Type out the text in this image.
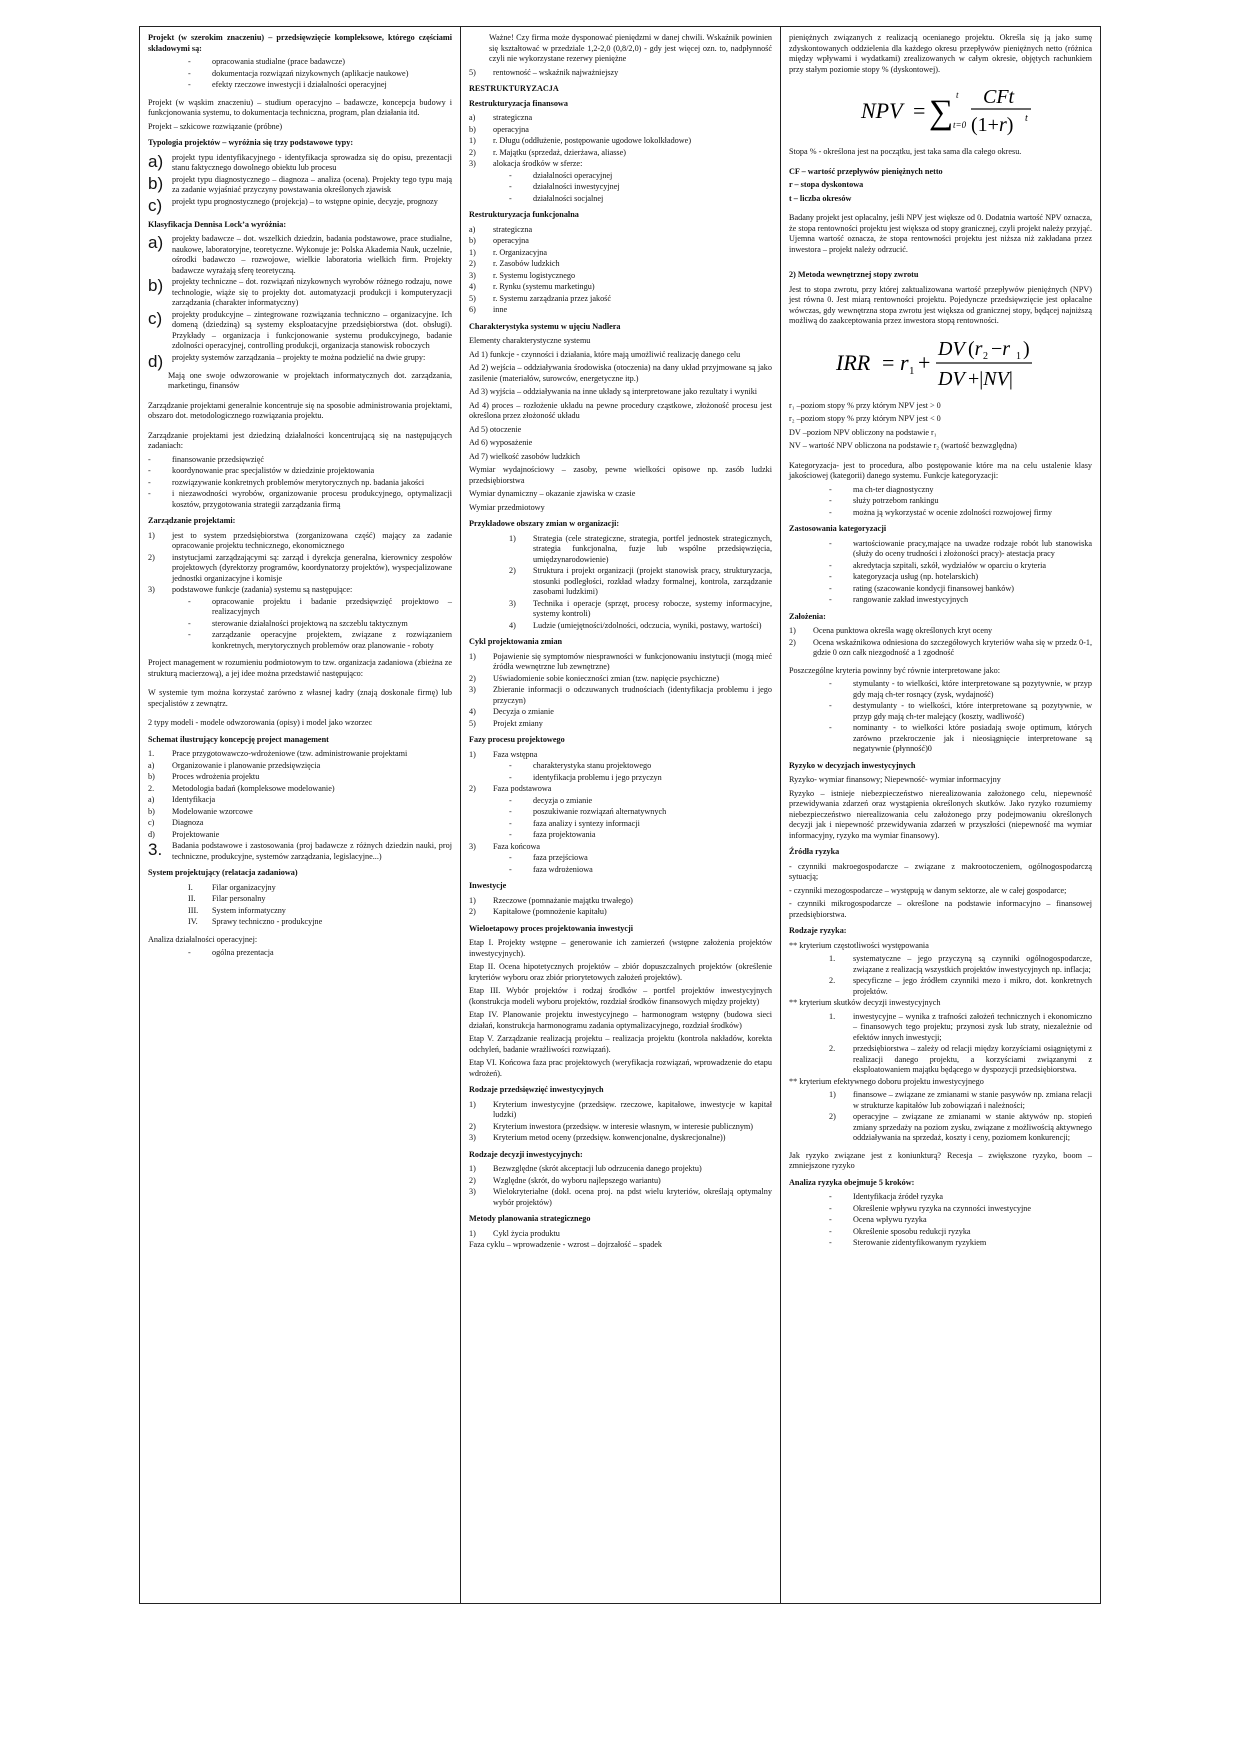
Projekt (w szerokim znaczeniu) – przedsięwzięcie kompleksowe, którego częściami składowymi są:

-	opracowania studialne (prace badawcze)
-	dokumentacja rozwiązań nizykownych (aplikacje naukowe)
-	efekty rzeczowe inwestycji i działalności operacyjnej

Projekt (w wąskim znaczeniu) – studium operacyjno – badawcze, koncepcja budowy i funkcjonowania systemu, to dokumentacja techniczna, program, plan działania itd.

Projekt – szkicowe rozwiązanie (próbne)

Typologia projektów – wyróżnia się trzy podstawowe typy:
a)	projekt typu identyfikacyjnego - identyfikacja sprowadza się do opisu, prezentacji stanu faktycznego dowolnego obiektu lub procesu
b)	projekt typu diagnostycznego – diagnoza – analiza (ocena). Projekty tego typu mają za zadanie wyjaśniać przyczyny powstawania określonych zjawisk
c)	projekt typu prognostycznego (projekcja) – to wstępne opinie, decyzje, prognozy
Klasyfikacja Dennisa Lock’a wyróżnia:
a)	projekty badawcze – dot. wszelkich dziedzin, badania podstawowe, prace studialne, naukowe, laboratoryjne, teoretyczne. Wykonuje je: Polska Akademia Nauk, uczelnie, ośrodki badawczo – rozwojowe, wielkie laboratoria wielkich firm. Projekty badawcze wyrażają sferę teoretyczną.
b)	projekty techniczne – dot. rozwiązań nizykownych wyrobów różnego rodzaju, nowe technologie, wiąże się to projekty dot. automatyzacji produkcji i komputeryzacji zarządzania (charakter informatyczny)
c)	projekty produkcyjne – zintegrowane rozwiązania techniczno – organizacyjne. Ich domeną (dziedziną) są systemy eksploatacyjne przedsiębiorstwa (dot. obsługi). Przykłady – organizacja i funkcjonowanie systemu produkcyjnego, badanie zdolności operacyjnej, controlling produkcji, organizacja stanowisk roboczych
d)	projekty systemów zarządzania – projekty te można podzielić na dwie grupy:

Mają one swoje odwzorowanie w projektach informatycznych dot. zarządzania, marketingu, finansów

Zarządzanie projektami generalnie koncentruje się na sposobie administrowania projektami, obszaro dot. metodologicznego rozwiązania projektu.

Zarządzanie projektami jest dziedziną działalności koncentrującą się na następujących zadaniach:

-	finansowanie przedsięwzięć
-	koordynowanie prac specjalistów w dziedzinie projektowania
-	rozwiązywanie konkretnych problemów merytorycznych np. badania jakości
-	i niezawodności wyrobów, organizowanie procesu produkcyjnego, optymalizacji kosztów, przygotowania strategii zarządzania firmą
Zarządzanie projektami:
1)	jest to system przedsiębiorstwa (zorganizowana część) mający za zadanie opracowanie projektu technicznego, ekonomicznego
2)	instytucjami zarządzającymi są: zarząd i dyrekcja generalna, kierownicy zespołów projektowych (dyrektorzy programów, koordynatorzy projektów), wyspecjalizowane jednostki organizacyjne i komisje
3)	podstawowe funkcje (zadania) systemu są następujące:
-	opracowanie projektu i badanie przedsięwzięć projektowo – realizacyjnych
-	sterowanie działalności projektową na szczeblu taktycznym
-	zarządzanie operacyjne projektem, związane z rozwiązaniem konkretnych, merytorycznych problemów oraz planowanie - roboty

Project management w rozumieniu podmiotowym to tzw. organizacja zadaniowa (zbieżna ze strukturą macierzową), a jej idee można przedstawić następująco:

W systemie tym można korzystać zarówno z własnej kadry (znają doskonale firmę) lub specjalistów z zewnątrz.

2 typy modeli - modele odwzorowania (opisy) i model jako wzorzec

Schemat ilustrujący koncepcję project management
1.	Prace przygotowawczo-wdrożeniowe (tzw. administrowanie projektami
a)	Organizowanie i planowanie przedsięwzięcia
b)	Proces wdrożenia projektu
2.	Metodologia badań (kompleksowe modelowanie)
a)	Identyfikacja
b)	Modelowanie wzorcowe
c)	Diagnoza
d)	Projektowanie
3.	Badania podstawowe i zastosowania (proj badawcze z różnych dziedzin nauki, proj techniczne, produkcyjne, systemów zarządzania, legislacyjne...)
System projektujący (relatacja zadaniowa)
I.	Filar organizacyjny
II.	Filar personalny
III.	System informatyczny
IV.	Sprawy techniczno - produkcyjne

Analiza działalności operacyjnej:

-	ogólna prezentacja

Ważne! Czy firma może dysponować pieniędzmi w danej chwili. Wskaźnik powinien się kształtować w przedziale 1,2-2,0 (0,8/2,0) - gdy jest więcej ozn. to, nadpłynność czyli nie wykorzystane rezerwy pieniężne

5)	rentowność – wskaźnik najważniejszy
RESTRUKTURYZACJA
Restrukturyzacja finansowa
a)	strategiczna
b)	operacyjna
1)	r. Długu (oddłużenie, postępowanie ugodowe lokolkładowe)
2)	r. Majątku (sprzedaż, dzierżawa, aliasse)
3)	alokacja środków w sferze:
-	działalności operacyjnej
-	działalności inwestycyjnej
-	działalności socjalnej
Restrukturyzacja funkcjonalna
a)	strategiczna
b)	operacyjna
1)	r. Organizacyjna
2)	r. Zasobów ludzkich
3)	r. Systemu logistycznego
4)	r. Rynku (systemu marketingu)
5)	r. Systemu zarządzania przez jakość
6)	inne
Charakterystyka systemu w ujęciu Nadlera

Elementy charakterystyczne systemu

Ad 1) funkcje - czynności i działania, które mają umożliwić realizację danego celu

Ad 2) wejścia – oddziaływania środowiska (otoczenia) na dany układ przyjmowane są jako zasilenie (materiałów, surowców, energetyczne itp.)

Ad 3) wyjścia – oddziaływania na inne układy są interpretowane jako rezultaty i wyniki

Ad 4) proces – rozłożenie układu na pewne procedury cząstkowe, złożoność procesu jest określona przez złożoność układu

Ad 5) otoczenie

Ad 6) wyposażenie

Ad 7) wielkość zasobów ludzkich

Wymiar wydajnościowy – zasoby, pewne wielkości opisowe np. zasób ludzki przedsiębiorstwa

Wymiar dynamiczny – okazanie zjawiska w czasie

Wymiar przedmiotowy

Przykładowe obszary zmian w organizacji:
1)	Strategia (cele strategiczne, strategia, portfel jednostek strategicznych, strategia funkcjonalna, fuzje lub wspólne przedsięwzięcia, umiędzynarodowienie)
2)	Struktura i projekt organizacji (projekt stanowisk pracy, strukturyzacja, stosunki podległości, rozkład władzy formalnej, kontrola, zarządzanie zasobami ludzkimi)
3)	Technika i operacje (sprzęt, procesy robocze, systemy informacyjne, systemy kontroli)
4)	Ludzie (umiejętności/zdolności, odczucia, wyniki, postawy, wartości)
Cykl projektowania zmian
1)	Pojawienie się symptomów niesprawności w funkcjonowaniu instytucji (mogą mieć źródła wewnętrzne lub zewnętrzne)
2)	Uświadomienie sobie konieczności zmian (tzw. napięcie psychiczne)
3)	Zbieranie informacji o odczuwanych trudnościach (identyfikacja problemu i jego przyczyn)
4)	Decyzja o zmianie
5)	Projekt zmiany
Fazy procesu projektowego
1)	Faza wstępna
-	charakterystyka stanu projektowego
-	identyfikacja problemu i jego przyczyn
2)	Faza podstawowa
-	decyzja o zmianie
-	poszukiwanie rozwiązań alternatywnych
-	faza analizy i syntezy informacji
-	faza projektowania
3)	Faza końcowa
-	faza przejściowa
-	faza wdrożeniowa
Inwestycje
1)	Rzeczowe (pomnażanie majątku trwałego)
2)	Kapitałowe (pomnożenie kapitału)
Wieloetapowy proces projektowania inwestycji

Etap I. Projekty wstępne – generowanie ich zamierzeń (wstępne założenia projektów inwestycyjnych).

Etap II. Ocena hipotetycznych projektów – zbiór dopuszczalnych projektów (określenie kryteriów wyboru oraz zbiór priorytetowych założeń projektów).

Etap III. Wybór projektów i rodzaj środków – portfel projektów inwestycyjnych (konstrukcja modeli wyboru projektów, rozdział środków finansowych między projekty)

Etap IV. Planowanie projektu inwestycyjnego – harmonogram wstępny (budowa sieci działań, konstrukcja harmonogramu zadania optymalizacyjnego, rozdział środków)

Etap V. Zarządzanie realizacją projektu – realizacja projektu (kontrola nakładów, korekta odchyleń, badanie wrażliwości rozwiązań).

Etap VI. Końcowa faza prac projektowych (weryfikacja rozwiązań, wprowadzenie do etapu wdrożeń).

Rodzaje przedsięwzięć inwestycyjnych
1)	Kryterium inwestycyjne (przedsięw. rzeczowe, kapitałowe, inwestycje w kapitał ludzki)
2)	Kryterium inwestora (przedsięw. w interesie własnym, w interesie publicznym)
3)	Kryterium metod oceny (przedsięw. konwencjonalne, dyskrecjonalne))
Rodzaje decyzji inwestycyjnych:
1)	Bezwzględne (skrót akceptacji lub odrzucenia danego projektu)
2)	Względne (skrót, do wyboru najlepszego wariantu)
3)	Wielokryteriałne (dokł. ocena proj. na pdst wielu kryteriów, określają optymalny wybór projektów)
Metody planowania strategicznego
1)	Cykl życia produktu

Faza cyklu – wprowadzenie - wzrost – dojrzałość – spadek

pieniężnych związanych z realizacją ocenianego projektu. Określa się ją jako sumę zdyskontowanych oddzielenia dla każdego okresu przepływów pieniężnych netto (różnica między wpływami i wydatkami) zrealizowanych w całym okresie, objętych rachunkiem przy stałym poziomie stopy % (dyskontowej).

NPV = ∑ t=0
t CFt
(1+r) t

Stopa % - określona jest na początku, jest taka sama dla całego okresu.

CF – wartość przepływów pieniężnych netto

r – stopa dyskontowa

t – liczba okresów

Badany projekt jest opłacalny, jeśli NPV jest większe od 0. Dodatnia wartość NPV oznacza, że stopa rentowności projektu jest większa od stopy granicznej, czyli projekt należy przyjąć. Ujemna wartość oznacza, że stopa rentowności projektu jest niższa niż zakładana przez inwestora – projekt należy odrzucić.

2) Metoda wewnętrznej stopy zwrotu

Jest to stopa zwrotu, przy której zaktualizowana wartość przepływów pieniężnych (NPV) jest równa 0. Jest miarą rentowności projektu. Pojedyncze przedsięwzięcie jest opłacalne wówczas, gdy wewnętrzna stopa zwrotu jest większa od granicznej stopy, będącej najniższą możliwą do zaakceptowania przez inwestora stopą rentowności.

IRR = r 1 +
DV (r 2 −r 1 )
DV +|NV|

r₁ –poziom stopy % przy którym NPV jest > 0

r₂ –poziom stopy % przy którym NPV jest < 0

DV –poziom NPV obliczony na podstawie r₁

NV – wartość NPV obliczona na podstawie r₂ (wartość bezwzględna)

Kategoryzacja- jest to procedura, albo postępowanie które ma na celu ustalenie klasy jakościowej (kategorii) danego systemu. Funkcje kategoryzacji:

-	ma ch-ter diagnostyczny
-	służy potrzebom rankingu
-	można ją wykorzystać w ocenie zdolności rozwojowej firmy
Zastosowania kategoryzacji
-	wartościowanie pracy,mające na uwadze rodzaje robót lub stanowiska (służy do oceny trudności i złożoności pracy)- atestacja pracy
-	akredytacja szpitali, szkół, wydziałów w oparciu o kryteria
-	kategoryzacja usług (np. hotelarskich)
-	rating (szacowanie kondycji finansowej banków)
-	rangowanie zakład inwestycyjnych
Założenia:
1)	Ocena punktowa określa wagę określonych kryt oceny
2)	Ocena wskaźnikowa odniesiona do szczegółowych kryteriów waha się w przedz 0-1, gdzie 0 ozn całk niezgodność a 1 zgodność

Poszczególne kryteria powinny być równie interpretowane jako:

-	stymulanty - to wielkości, które interpretowane są pozytywnie, w przyp gdy mają ch-ter rosnący (zysk, wydajność)
-	destymulanty - to wielkości, które interpretowane są pozytywnie, w przyp gdy mają ch-ter malejący (koszty, wadliwość)
-	nominanty - to wielkości które posiadają swoje optimum, których zarówno przekroczenie jak i nieosiągnięcie interpretowane są negatywnie (płynność)0
Ryzyko w decyzjach inwestycyjnych

Ryzyko- wymiar finansowy; Niepewność- wymiar informacyjny

Ryzyko – istnieje niebezpieczeństwo nierealizowania założonego celu, niepewność przewidywania zdarzeń oraz wystąpienia określonych skutków. Jako ryzyko rozumiemy niebezpieczeństwo nierealizowania celu założonego przy podejmowaniu określonych decyzji jak i niepewność przewidywania zdarzeń w przyszłości (niepewność ma wymiar informacyjny, ryzyko ma wymiar finansowy).

Źródła ryzyka

- czynniki makroegospodarcze – związane z makrootoczeniem, ogólnogospodarczą sytuacją;

- czynniki mezogospodarcze – występują w danym sektorze, ale w całej gospodarce;

- czynniki mikrogospodarcze – określone na podstawie informacyjno – finansowej przedsiębiorstwa.

Rodzaje ryzyka:

** kryterium częstotliwości występowania

1.	systematyczne – jego przyczyną są czynniki ogólnogospodarcze, związane z realizacją wszystkich projektów inwestycyjnych np. inflacja;
2.	specyficzne – jego źródłem czynniki mezo i mikro, dot. konkretnych projektów.

** kryterium skutków decyzji inwestycyjnych

1.	inwestycyjne – wynika z trafności założeń technicznych i ekonomiczno – finansowych tego projektu; przynosi zysk lub straty, niezależnie od efektów innych inwestycji;
2.	przedsiębiorstwa – zależy od relacji między korzyściami osiągniętymi z realizacji danego projektu, a korzyściami związanymi z eksploatowaniem majątku będącego w dyspozycji przedsiębiorstwa.

** kryterium efektywnego doboru projektu inwestycyjnego

1)	finansowe – związane ze zmianami w stanie pasywów np. zmiana relacji w strukturze kapitałów lub zobowiązań i należności;
2)	operacyjne – związane ze zmianami w stanie aktywów np. stopień zmiany sprzedaży na poziom zysku, związane z możliwością aktywnego oddziaływania na sprzedaż, koszty i ceny, poziomem konkurencji;

Jak ryzyko związane jest z koniunkturą? Recesja – zwiększone ryzyko, boom – zmniejszone ryzyko

Analiza ryzyka obejmuje 5 kroków:
-	Identyfikacja źródeł ryzyka
-	Określenie wpływu ryzyka na czynności inwestycyjne
-	Ocena wpływu ryzyka
-	Określenie sposobu redukcji ryzyka
-	Sterowanie zidentyfikowanym ryzykiem
